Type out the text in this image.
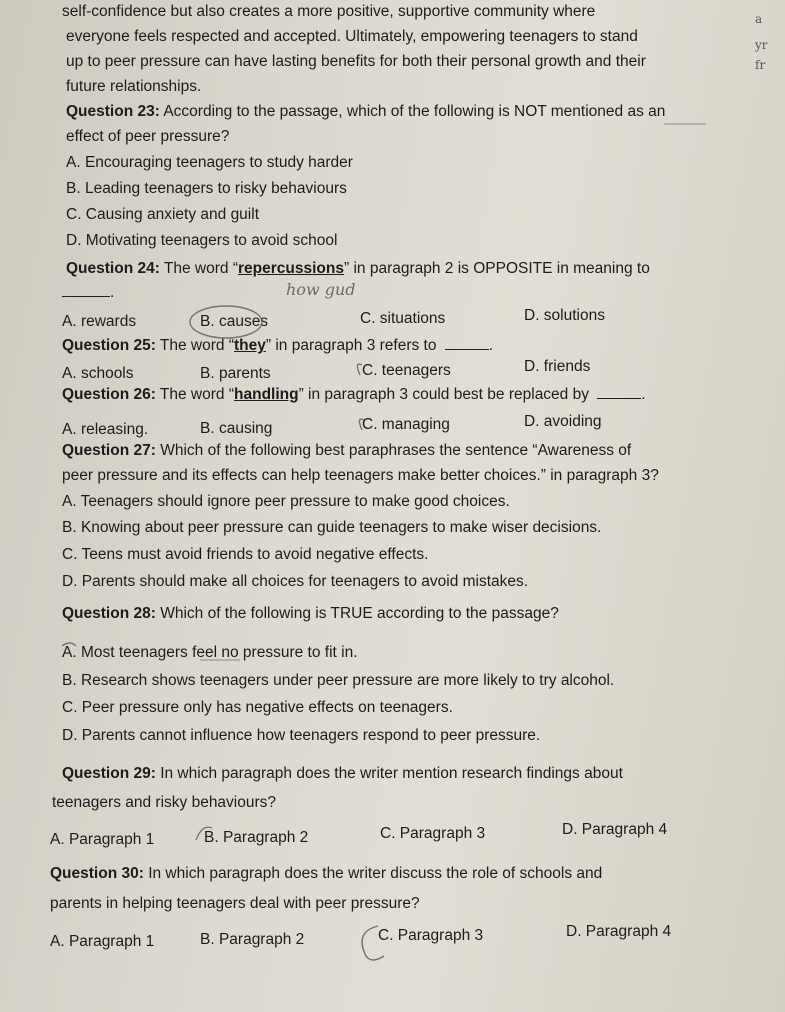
self-confidence but also creates a more positive, supportive community where
everyone feels respected and accepted. Ultimately, empowering teenagers to stand
up to peer pressure can have lasting benefits for both their personal growth and their
future relationships.
a
yr
fr
Question 23: According to the passage, which of the following is NOT mentioned as an
effect of peer pressure?
A. Encouraging teenagers to study harder
B. Leading teenagers to risky behaviours
C. Causing anxiety and guilt
D. Motivating teenagers to avoid school
Question 24: The word “repercussions” in paragraph 2 is OPPOSITE in meaning to
.	how gud
A. rewards	B. causes	C. situations	D. solutions
Question 25: The word “they” in paragraph 3 refers to	.
A. schools	B. parents	C. teenagers	D. friends
Question 26: The word “handling” in paragraph 3 could best be replaced by	.
A. releasing.	B. causing	C. managing	D. avoiding
Question 27: Which of the following best paraphrases the sentence “Awareness of
peer pressure and its effects can help teenagers make better choices.” in paragraph 3?
A. Teenagers should ignore peer pressure to make good choices.
B. Knowing about peer pressure can guide teenagers to make wiser decisions.
C. Teens must avoid friends to avoid negative effects.
D. Parents should make all choices for teenagers to avoid mistakes.
Question 28: Which of the following is TRUE according to the passage?
A. Most teenagers feel no pressure to fit in.
B. Research shows teenagers under peer pressure are more likely to try alcohol.
C. Peer pressure only has negative effects on teenagers.
D. Parents cannot influence how teenagers respond to peer pressure.
Question 29: In which paragraph does the writer mention research findings about
teenagers and risky behaviours?
A. Paragraph 1	B. Paragraph 2	C. Paragraph 3	D. Paragraph 4
Question 30: In which paragraph does the writer discuss the role of schools and
parents in helping teenagers deal with peer pressure?
A. Paragraph 1	B. Paragraph 2	C. Paragraph 3	D. Paragraph 4
